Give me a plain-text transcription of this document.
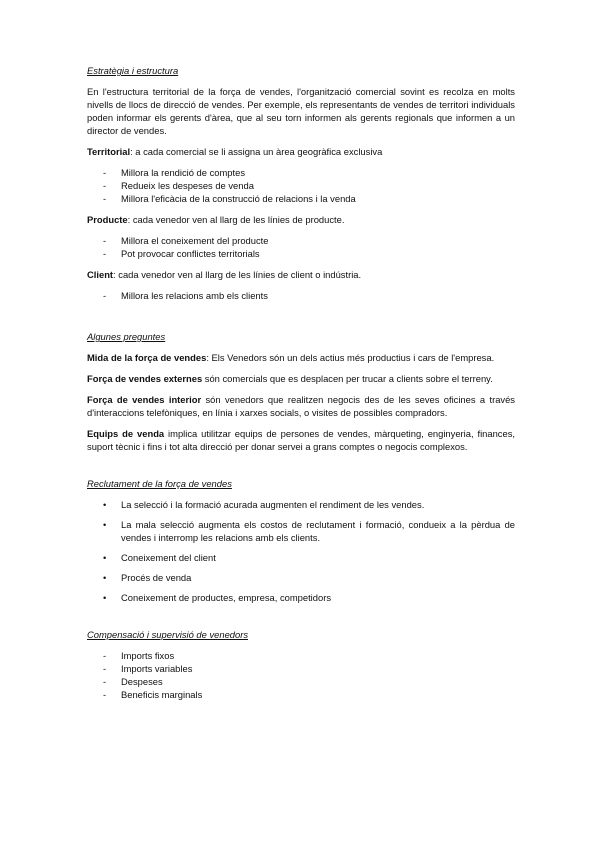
Estratègia i estructura

En l'estructura territorial de la força de vendes, l'organització comercial sovint es recolza en molts nivells de llocs de direcció de vendes. Per exemple, els representants de vendes de territori individuals poden informar els gerents d'àrea, que al seu torn informen als gerents regionals que informen a un director de vendes.

Territorial: a cada comercial se li assigna un àrea geogràfica exclusiva

- Millora la rendició de comptes
- Redueix les despeses de venda
- Millora l'eficàcia de la construcció de relacions i la venda

Producte: cada venedor ven al llarg de les línies de producte.

- Millora el coneixement del producte
- Pot provocar conflictes territorials

Client: cada venedor ven al llarg de les línies de client o indústria.

- Millora les relacions amb els clients
Algunes preguntes

Mida de la força de vendes: Els Venedors són un dels actius més productius i cars de l'empresa.

Força de vendes externes són comercials que es desplacen per trucar a clients sobre el terreny.

Força de vendes interior són venedors que realitzen negocis des de les seves oficines a través d'interaccions telefòniques, en línia i xarxes socials, o visites de possibles compradors.

Equips de venda implica utilitzar equips de persones de vendes, màrqueting, enginyeria, finances, suport tècnic i fins i tot alta direcció per donar servei a grans comptes o negocis complexos.

Reclutament de la força de vendes
• La selecció i la formació acurada augmenten el rendiment de les vendes.
• La mala selecció augmenta els costos de reclutament i formació, condueix a la pèrdua de vendes i interromp les relacions amb els clients.
• Coneixement del client
• Procés de venda
• Coneixement de productes, empresa, competidors
Compensació i supervisió de venedors
- Imports fixos
- Imports variables
- Despeses
- Beneficis marginals
